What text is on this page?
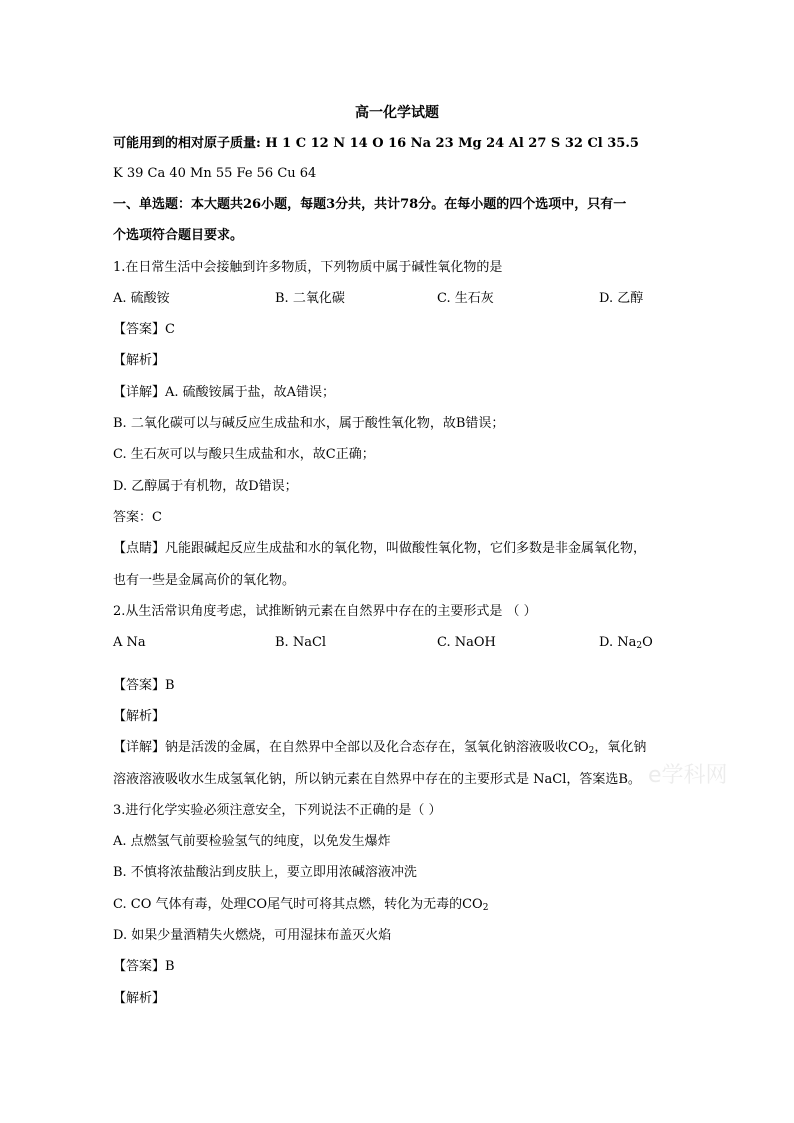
高一化学试题
可能用到的相对原子质量: H 1 C 12 N 14 O 16 Na 23 Mg 24 Al 27 S 32 Cl 35.5
K 39 Ca 40 Mn 55 Fe 56 Cu 64
一、单选题：本大题共26小题，每题3分共，共计78分。在每小题的四个选项中，只有一
个选项符合题目要求。
1.在日常生活中会接触到许多物质，下列物质中属于碱性氧化物的是
A. 硫酸铵	B. 二氧化碳	C. 生石灰	D. 乙醇
【答案】C
【解析】
【详解】A. 硫酸铵属于盐，故A错误；
B. 二氧化碳可以与碱反应生成盐和水，属于酸性氧化物，故B错误；
C. 生石灰可以与酸只生成盐和水，故C正确；
D. 乙醇属于有机物，故D错误；
答案：C
【点睛】凡能跟碱起反应生成盐和水的氧化物，叫做酸性氧化物，它们多数是非金属氧化物，
也有一些是金属高价的氧化物。
2.从生活常识角度考虑，试推断钠元素在自然界中存在的主要形式是 （ ）
A Na	B. NaCl	C. NaOH	D. $Na_2O$
【答案】B
【解析】
【详解】钠是活泼的金属，在自然界中全部以及化合态存在，氢氧化钠溶液吸收$CO_2$，氧化钠
溶液溶液吸收水生成氢氧化钠，所以钠元素在自然界中存在的主要形式是 NaCl，答案选B。
3.进行化学实验必须注意安全，下列说法不正确的是（ ）
A. 点燃氢气前要检验氢气的纯度，以免发生爆炸
B. 不慎将浓盐酸沾到皮肤上，要立即用浓碱溶液冲洗
C. CO 气体有毒，处理CO尾气时可将其点燃，转化为无毒的$CO_2$
D. 如果少量酒精失火燃烧，可用湿抹布盖灭火焰
【答案】B
【解析】
e学科网
